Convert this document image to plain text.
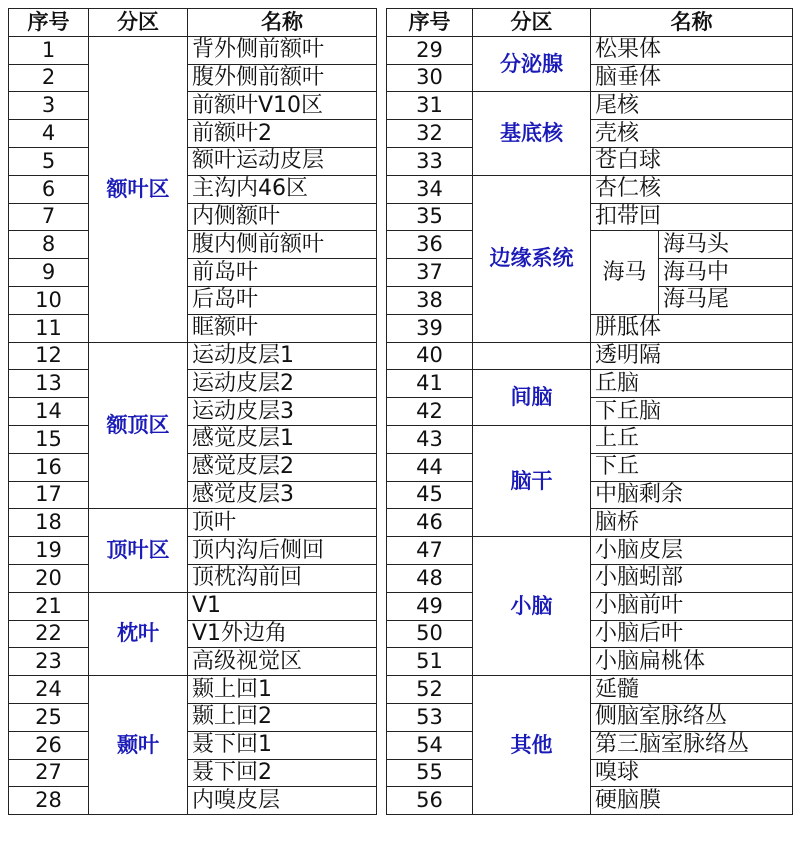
序号	分区	名称
1	额叶区	背外侧前额叶
2		腹外侧前额叶
3		前额叶V10区
4		前额叶2
5		额叶运动皮层
6		主沟内46区
7		内侧额叶
8		腹内侧前额叶
9		前岛叶
10		后岛叶
11		眶额叶
12	额顶区	运动皮层1
13		运动皮层2
14		运动皮层3
15		感觉皮层1
16		感觉皮层2
17		感觉皮层3
18	顶叶区	顶叶
19		顶内沟后侧回
20		顶枕沟前回
21	枕叶	V1
22		V1外边角
23		高级视觉区
24	颞叶	颞上回1
25		颞上回2
26		聂下回1
27		聂下回2
28		内嗅皮层
序号	分区	名称	
29	分泌腺	松果体	
30		脑垂体	
31	基底核	尾核	
32		壳核	
33		苍白球	
34	边缘系统	杏仁核	
35		扣带回	
36		海马	海马头
37			海马中
38			海马尾
39		胼胝体	
40		透明隔	
41	间脑	丘脑	
42		下丘脑	
43	脑干	上丘	
44		下丘	
45		中脑剩余	
46		脑桥	
47	小脑	小脑皮层	
48		小脑蚓部	
49		小脑前叶	
50		小脑后叶	
51		小脑扁桃体	
52	其他	延髓	
53		侧脑室脉络丛	
54		第三脑室脉络丛	
55		嗅球	
56		硬脑膜	
